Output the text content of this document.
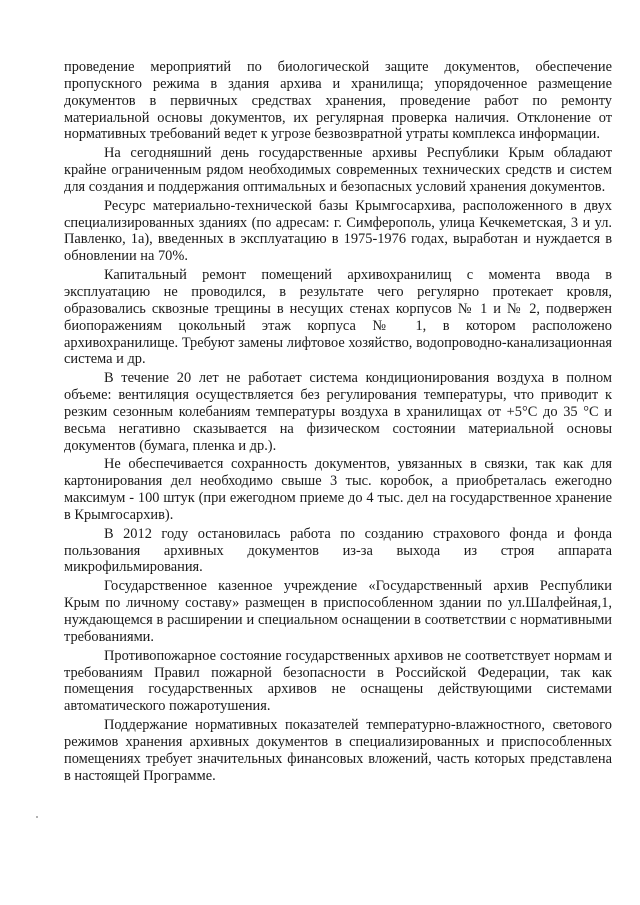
проведение мероприятий по биологической защите документов, обеспечение пропускного режима в здания архива и хранилища; упорядоченное размещение документов в первичных средствах хранения, проведение работ по ремонту материальной основы документов, их регулярная проверка наличия. Отклонение от нормативных требований ведет к угрозе безвозвратной утраты комплекса информации.

На сегодняшний день государственные архивы Республики Крым обладают крайне ограниченным рядом необходимых современных технических средств и систем для создания и поддержания оптимальных и безопасных условий хранения документов.

Ресурс материально-технической базы Крымгосархива, расположенного в двух специализированных зданиях (по адресам: г. Симферополь, улица Кечкеметская, 3 и ул. Павленко, 1а), введенных в эксплуатацию в 1975-1976 годах, выработан и нуждается в обновлении на 70%.

Капитальный ремонт помещений архивохранилищ с момента ввода в эксплуатацию не проводился, в результате чего регулярно протекает кровля, образовались сквозные трещины в несущих стенах корпусов № 1 и № 2, подвержен биопоражениям цокольный этаж корпуса № 1, в котором расположено архивохранилище. Требуют замены лифтовое хозяйство, водопроводно-канализационная система и др.

В течение 20 лет не работает система кондиционирования воздуха в полном объеме: вентиляция осуществляется без регулирования температуры, что приводит к резким сезонным колебаниям температуры воздуха в хранилищах от +5°С до 35 °С и весьма негативно сказывается на физическом состоянии материальной основы документов (бумага, пленка и др.).

Не обеспечивается сохранность документов, увязанных в связки, так как для картонирования дел необходимо свыше 3 тыс. коробок, а приобреталась ежегодно максимум - 100 штук (при ежегодном приеме до 4 тыс. дел на государственное хранение в Крымгосархив).

В 2012 году остановилась работа по созданию страхового фонда и фонда пользования архивных документов из-за выхода из строя аппарата микрофильмирования.

Государственное казенное учреждение «Государственный архив Республики Крым по личному составу» размещен в приспособленном здании по ул.Шалфейная,1, нуждающемся в расширении и специальном оснащении в соответствии с нормативными требованиями.

Противопожарное состояние государственных архивов не соответствует нормам и требованиям Правил пожарной безопасности в Российской Федерации, так как помещения государственных архивов не оснащены действующими системами автоматического пожаротушения.

Поддержание нормативных показателей температурно-влажностного, светового режимов хранения архивных документов в специализированных и приспособленных помещениях требует значительных финансовых вложений, часть которых представлена в настоящей Программе.
